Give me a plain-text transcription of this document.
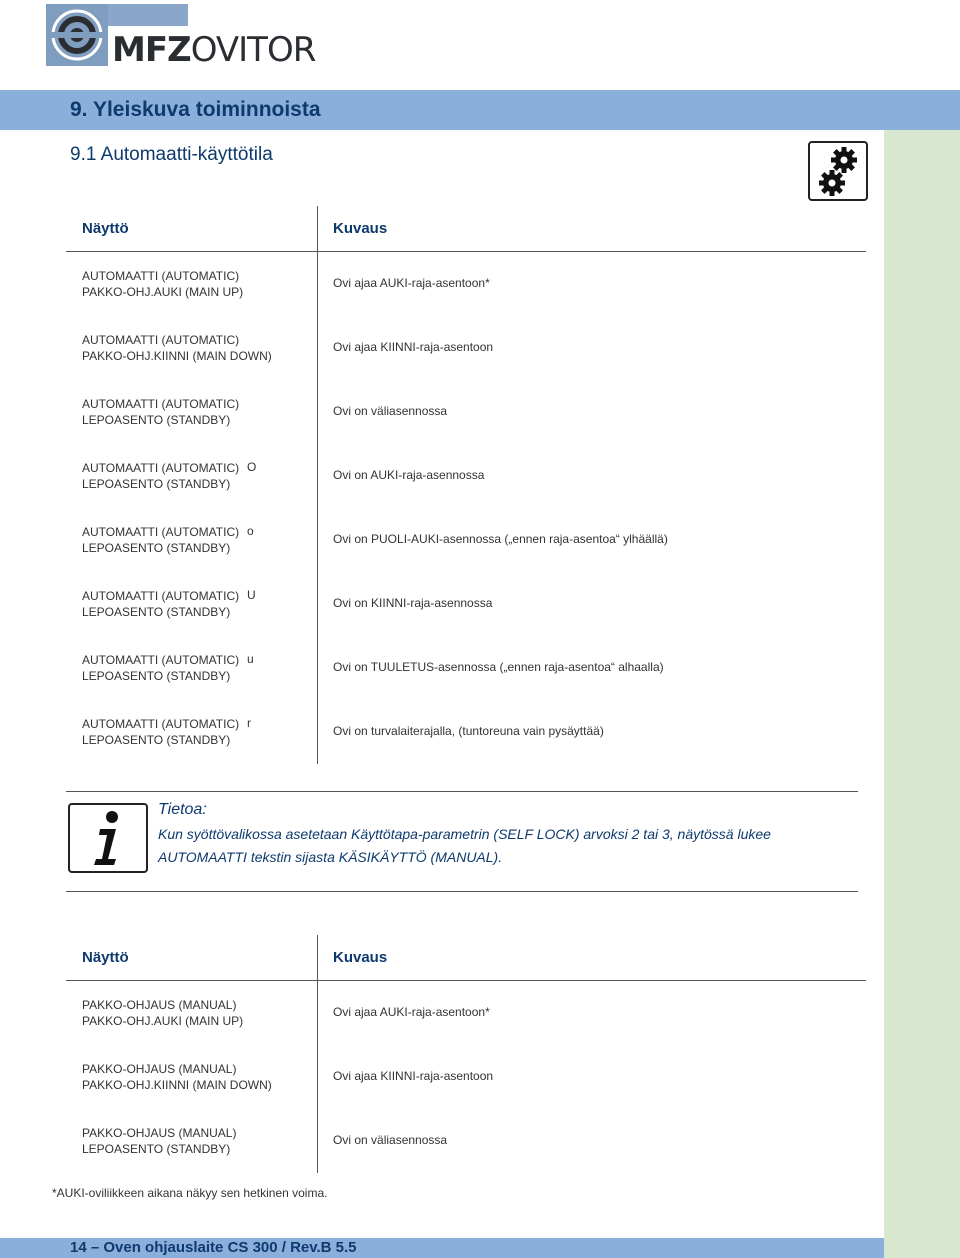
MFZOVITOR
9. Yleiskuva toiminnoista
9.1 Automaatti-käyttötila
Näyttö	Kuvaus
AUTOMAATTI (AUTOMATIC)
PAKKO-OHJ.AUKI (MAIN UP)
Ovi ajaa AUKI-raja-asentoon*
AUTOMAATTI (AUTOMATIC)
PAKKO-OHJ.KIINNI (MAIN DOWN)
Ovi ajaa KIINNI-raja-asentoon
AUTOMAATTI (AUTOMATIC)
LEPOASENTO (STANDBY)
Ovi on väliasennossa
AUTOMAATTI (AUTOMATIC)
LEPOASENTO (STANDBY)
O
Ovi on AUKI-raja-asennossa
AUTOMAATTI (AUTOMATIC)
LEPOASENTO (STANDBY)
o
Ovi on PUOLI-AUKI-asennossa („ennen raja-asentoa“ ylhäällä)
AUTOMAATTI (AUTOMATIC)
LEPOASENTO (STANDBY)
U
Ovi on KIINNI-raja-asennossa
AUTOMAATTI (AUTOMATIC)
LEPOASENTO (STANDBY)
u
Ovi on TUULETUS-asennossa („ennen raja-asentoa“ alhaalla)
AUTOMAATTI (AUTOMATIC)
LEPOASENTO (STANDBY)
r
Ovi on turvalaiterajalla, (tuntoreuna vain pysäyttää)
Tietoa:
Kun syöttövalikossa asetetaan Käyttötapa-parametrin (SELF LOCK) arvoksi 2 tai 3, näytössä lukee AUTOMAATTI tekstin sijasta KÄSIKÄYTTÖ (MANUAL).
Näyttö	Kuvaus
PAKKO-OHJAUS (MANUAL)
PAKKO-OHJ.AUKI (MAIN UP)
Ovi ajaa AUKI-raja-asentoon*
PAKKO-OHJAUS (MANUAL)
PAKKO-OHJ.KIINNI (MAIN DOWN)
Ovi ajaa KIINNI-raja-asentoon
PAKKO-OHJAUS (MANUAL)
LEPOASENTO (STANDBY)
Ovi on väliasennossa
*AUKI-oviliikkeen aikana näkyy sen hetkinen voima.
14 – Oven ohjauslaite CS 300 / Rev.B 5.5
